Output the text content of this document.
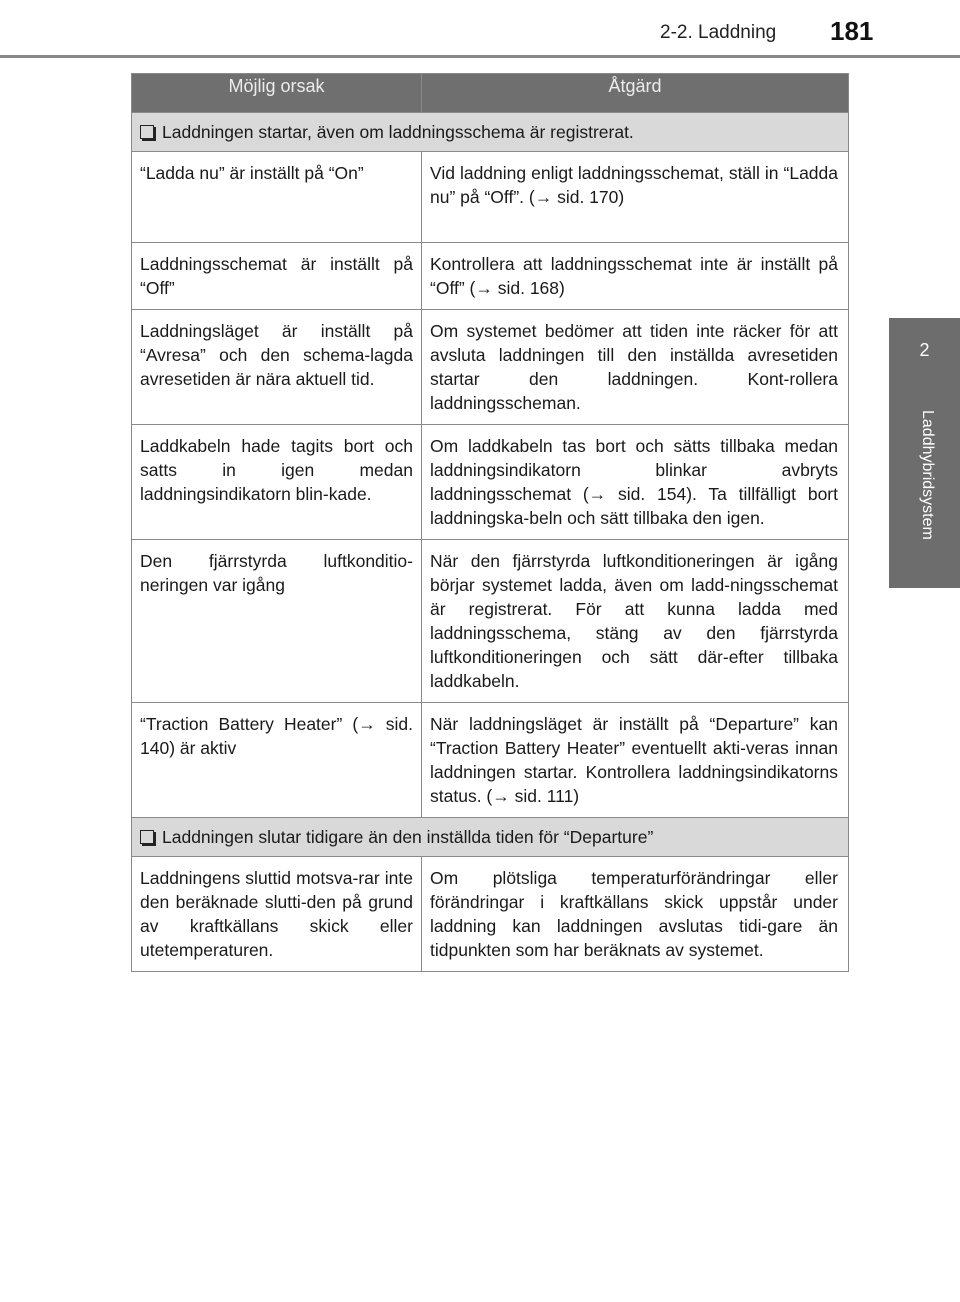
2-2. Laddning 181
2
Laddhybridsystem
Möjlig orsak	Åtgärd
Laddningen startar, även om laddningsschema är registrerat.	
“Ladda nu” är inställt på “On”	Vid laddning enligt laddningsschemat, ställ in “Ladda nu” på “Off”. (→ sid. 170)
Laddningsschemat är inställt på “Off”	Kontrollera att laddningsschemat inte är inställt på “Off” (→ sid. 168)
Laddningsläget är inställt på “Avresa” och den schema-lagda avresetiden är nära aktuell tid.	Om systemet bedömer att tiden inte räcker för att avsluta laddningen till den inställda avresetiden startar den laddningen. Kont-rollera laddningsscheman.
Laddkabeln hade tagits bort och satts in igen medan laddningsindikatorn blin-kade.	Om laddkabeln tas bort och sätts tillbaka medan laddningsindikatorn blinkar avbryts laddningsschemat (→ sid. 154). Ta tillfälligt bort laddningska-beln och sätt tillbaka den igen.
Den fjärrstyrda luftkonditio-neringen var igång	När den fjärrstyrda luftkonditioneringen är igång börjar systemet ladda, även om ladd-ningsschemat är registrerat. För att kunna ladda med laddningsschema, stäng av den fjärrstyrda luftkonditioneringen och sätt där-efter tillbaka laddkabeln.
“Traction Battery Heater” (→ sid. 140) är aktiv	När laddningsläget är inställt på “Departure” kan “Traction Battery Heater” eventuellt akti-veras innan laddningen startar. Kontrollera laddningsindikatorns status. (→ sid. 111)
Laddningen slutar tidigare än den inställda tiden för “Departure”	
Laddningens sluttid motsva-rar inte den beräknade slutti-den på grund av kraftkällans skick eller utetemperaturen.	Om plötsliga temperaturförändringar eller förändringar i kraftkällans skick uppstår under laddning kan laddningen avslutas tidi-gare än tidpunkten som har beräknats av systemet.
